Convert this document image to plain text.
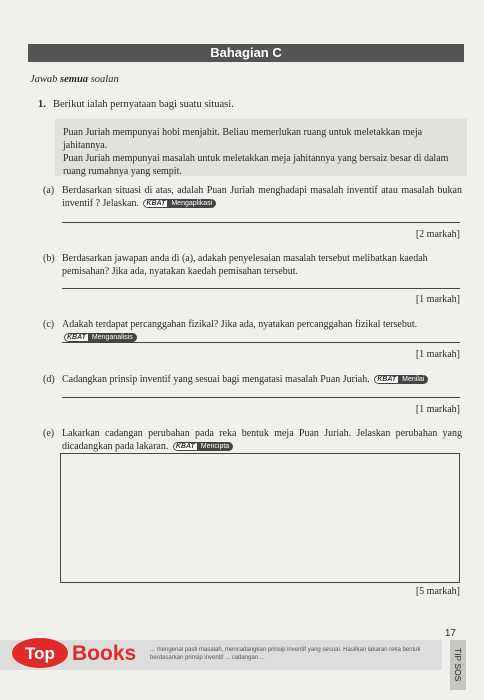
Bahagian C
Jawab semua soalan
1. Berikut ialah pernyataan bagi suatu situasi.

Puan Juriah mempunyai hobi menjahit. Beliau memerlukan ruang untuk meletakkan meja jahitannya.

Puan Juriah mempunyai masalah untuk meletakkan meja jahitannya yang bersaiz besar di dalam ruang rumahnya yang sempit.

(a) Berdasarkan situasi di atas, adalah Puan Juriah menghadapi masalah inventif atau masalah bukan inventif ? Jelaskan. KBAT Mengaplikasi
[2 markah]
(b) Berdasarkan jawapan anda di (a), adakah penyelesaian masalah tersebut melibatkan kaedah pemisahan? Jika ada, nyatakan kaedah pemisahan tersebut.
[1 markah]
(c) Adakah terdapat percanggahan fizikal? Jika ada, nyatakan percanggahan fizikal tersebut. KBAT Menganalisis
[1 markah]
(d) Cadangkan prinsip inventif yang sesuai bagi mengatasi masalah Puan Juriah. KBAT Menilai
[1 markah]
(e) Lakarkan cadangan perubahan pada reka bentuk meja Puan Juriah. Jelaskan perubahan yang dicadangkan pada lakaran. KBAT Mencipta
[5 markah]
17
... mengenal pasti masalah, mencadangkan prinsip inventif yang sesuai. Hasilkan lakaran reka bentuk berdasarkan prinsip inventif ... cadangan ...	TIP SOS
Top Books
